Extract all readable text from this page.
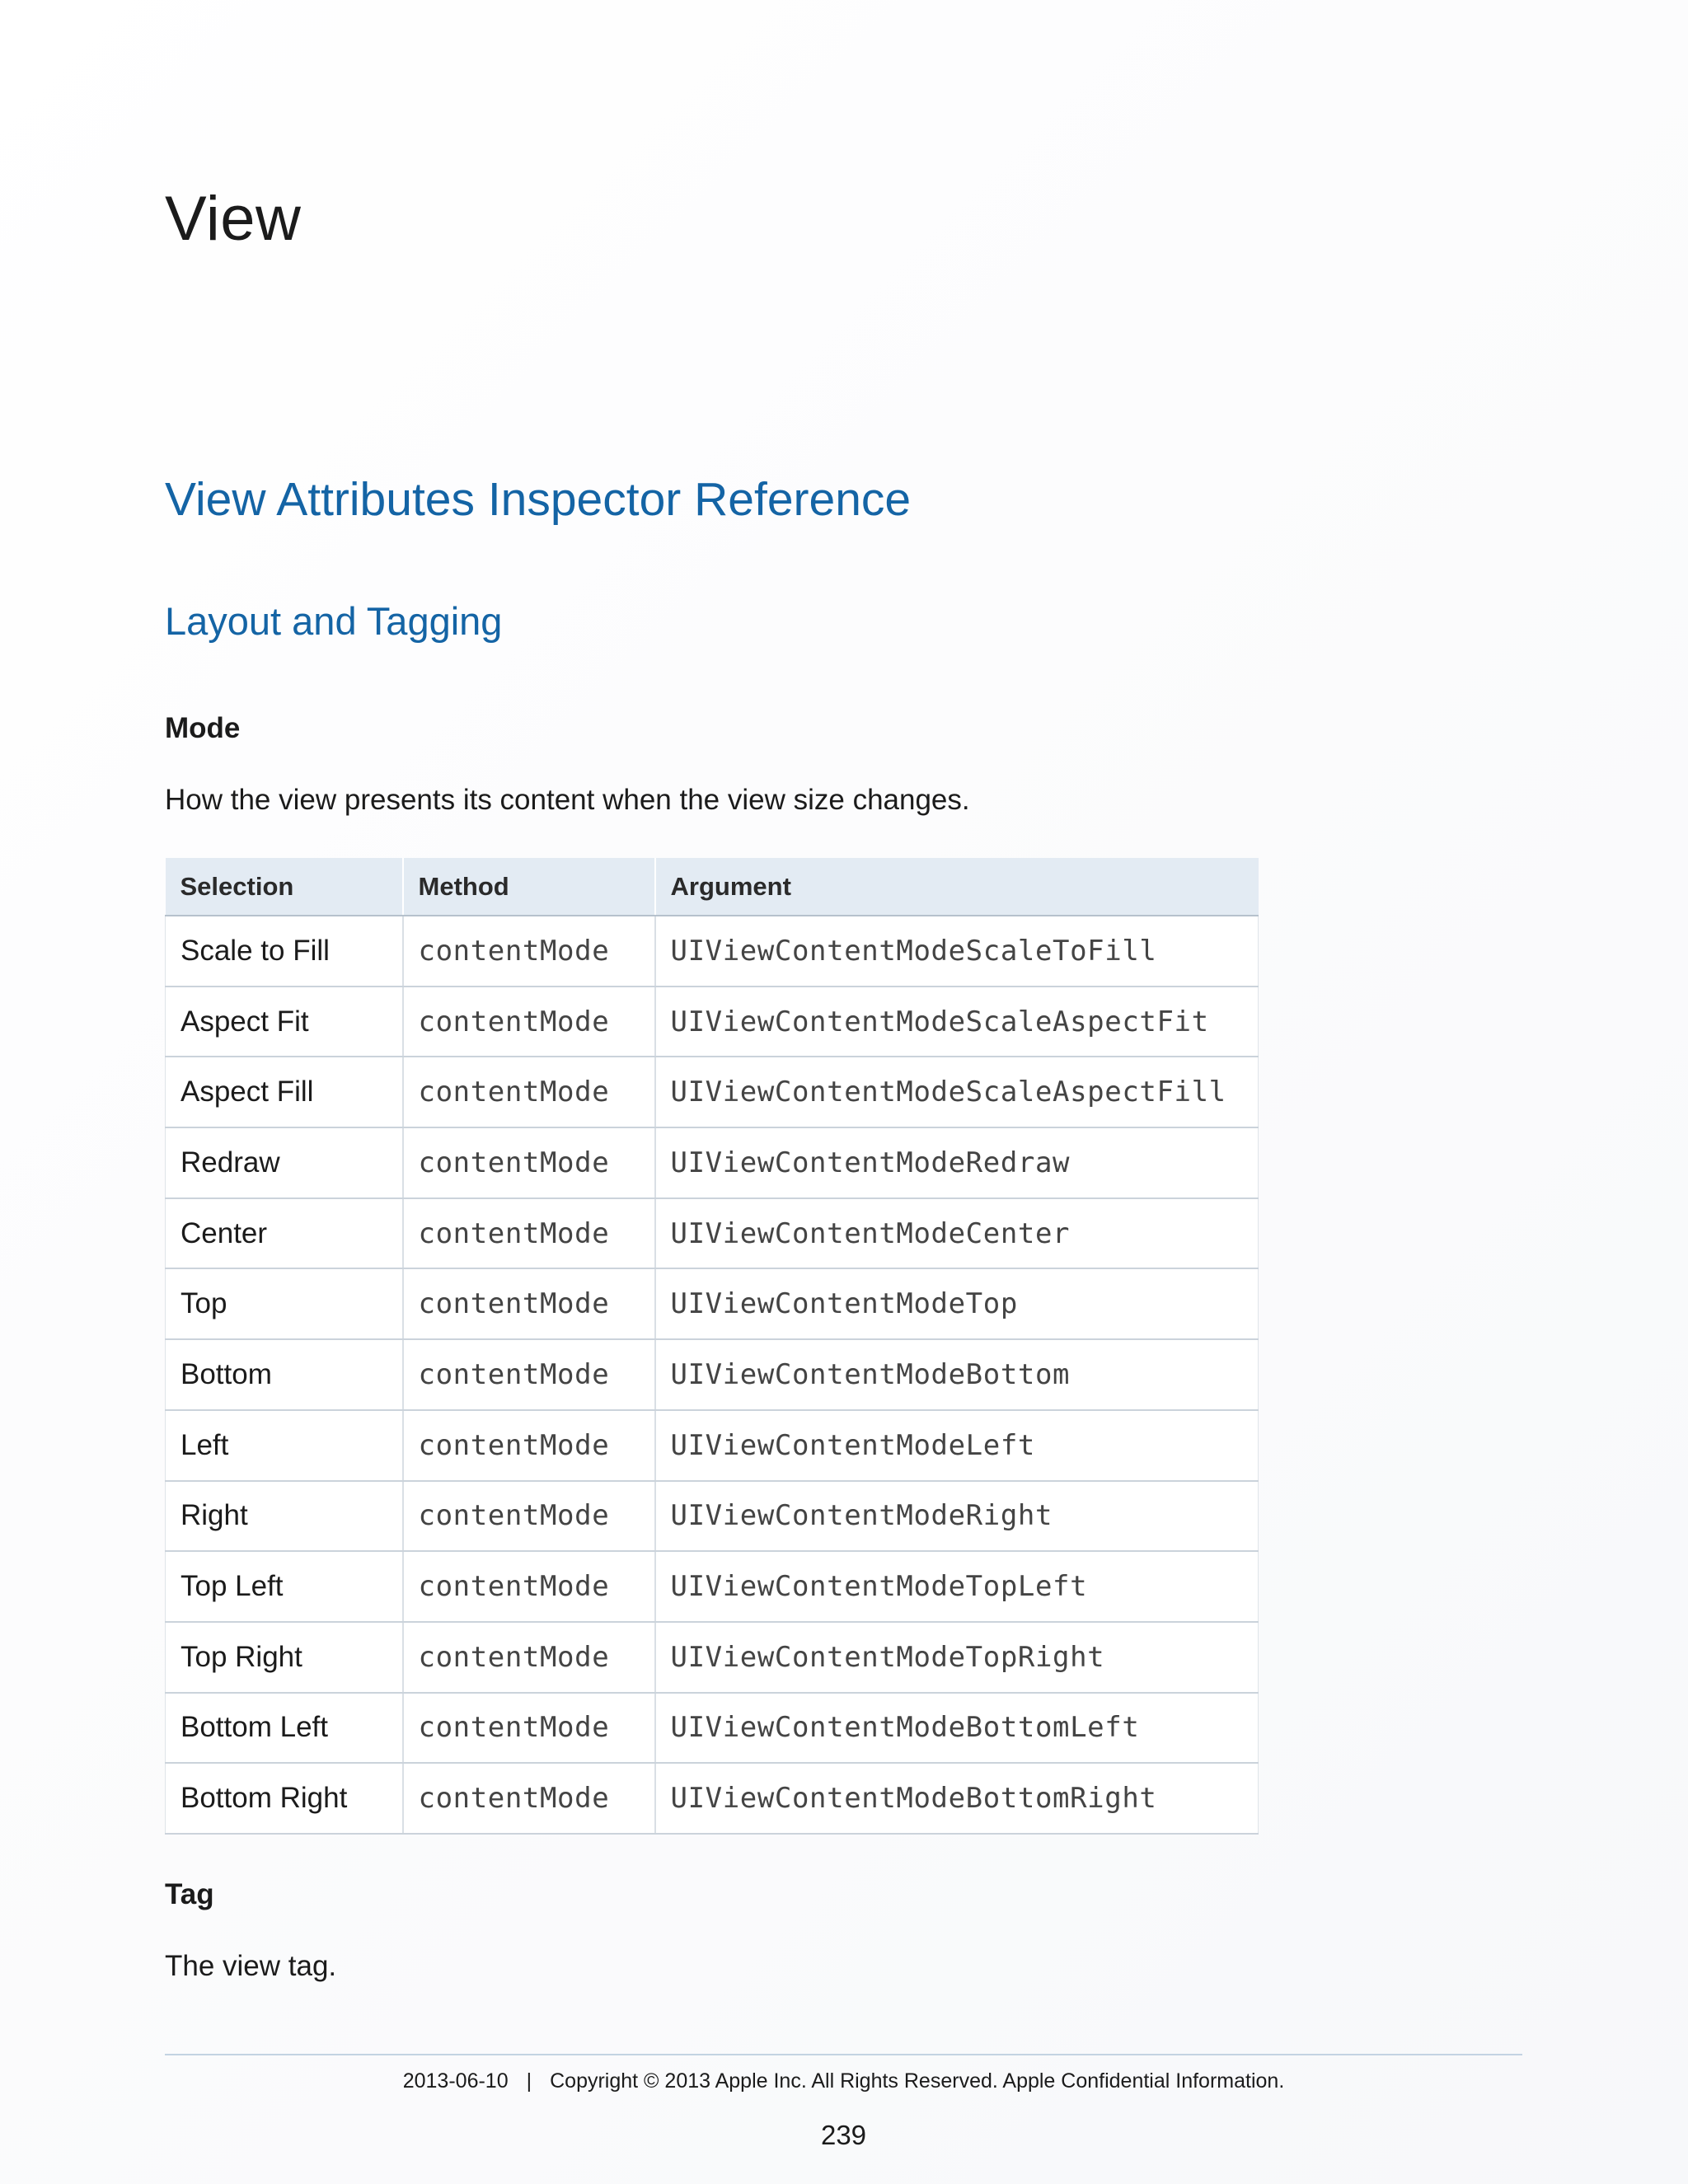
View
View Attributes Inspector Reference
Layout and Tagging
Mode
How the view presents its content when the view size changes.
Selection	Method	Argument
Scale to Fill	contentMode	UIViewContentModeScaleToFill
Aspect Fit	contentMode	UIViewContentModeScaleAspectFit
Aspect Fill	contentMode	UIViewContentModeScaleAspectFill
Redraw	contentMode	UIViewContentModeRedraw
Center	contentMode	UIViewContentModeCenter
Top	contentMode	UIViewContentModeTop
Bottom	contentMode	UIViewContentModeBottom
Left	contentMode	UIViewContentModeLeft
Right	contentMode	UIViewContentModeRight
Top Left	contentMode	UIViewContentModeTopLeft
Top Right	contentMode	UIViewContentModeTopRight
Bottom Left	contentMode	UIViewContentModeBottomLeft
Bottom Right	contentMode	UIViewContentModeBottomRight
Tag
The view tag.
2013-06-10 | Copyright © 2013 Apple Inc. All Rights Reserved. Apple Confidential Information.
239
